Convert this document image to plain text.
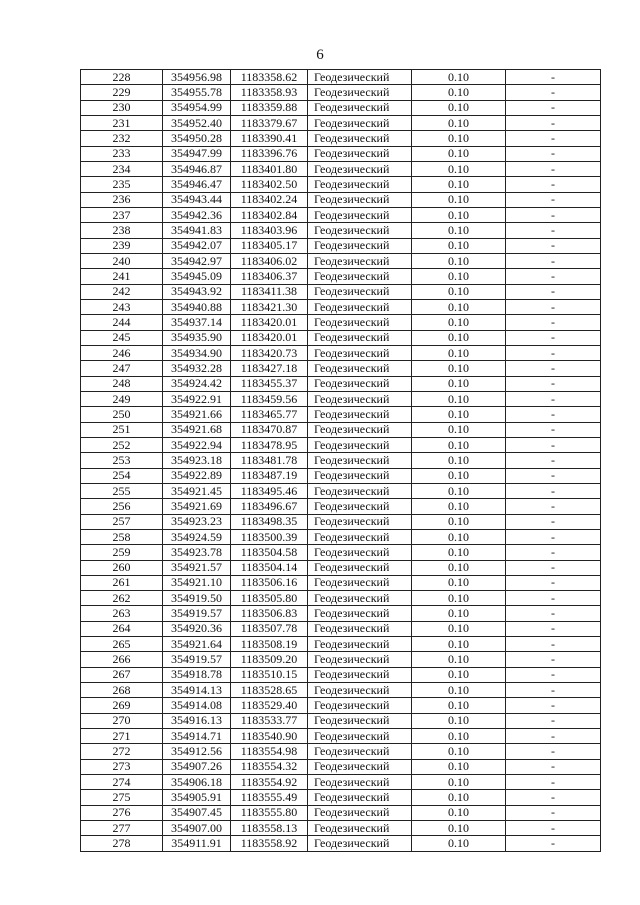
6
228	354956.98	1183358.62	Геодезический	0.10	-
229	354955.78	1183358.93	Геодезический	0.10	-
230	354954.99	1183359.88	Геодезический	0.10	-
231	354952.40	1183379.67	Геодезический	0.10	-
232	354950.28	1183390.41	Геодезический	0.10	-
233	354947.99	1183396.76	Геодезический	0.10	-
234	354946.87	1183401.80	Геодезический	0.10	-
235	354946.47	1183402.50	Геодезический	0.10	-
236	354943.44	1183402.24	Геодезический	0.10	-
237	354942.36	1183402.84	Геодезический	0.10	-
238	354941.83	1183403.96	Геодезический	0.10	-
239	354942.07	1183405.17	Геодезический	0.10	-
240	354942.97	1183406.02	Геодезический	0.10	-
241	354945.09	1183406.37	Геодезический	0.10	-
242	354943.92	1183411.38	Геодезический	0.10	-
243	354940.88	1183421.30	Геодезический	0.10	-
244	354937.14	1183420.01	Геодезический	0.10	-
245	354935.90	1183420.01	Геодезический	0.10	-
246	354934.90	1183420.73	Геодезический	0.10	-
247	354932.28	1183427.18	Геодезический	0.10	-
248	354924.42	1183455.37	Геодезический	0.10	-
249	354922.91	1183459.56	Геодезический	0.10	-
250	354921.66	1183465.77	Геодезический	0.10	-
251	354921.68	1183470.87	Геодезический	0.10	-
252	354922.94	1183478.95	Геодезический	0.10	-
253	354923.18	1183481.78	Геодезический	0.10	-
254	354922.89	1183487.19	Геодезический	0.10	-
255	354921.45	1183495.46	Геодезический	0.10	-
256	354921.69	1183496.67	Геодезический	0.10	-
257	354923.23	1183498.35	Геодезический	0.10	-
258	354924.59	1183500.39	Геодезический	0.10	-
259	354923.78	1183504.58	Геодезический	0.10	-
260	354921.57	1183504.14	Геодезический	0.10	-
261	354921.10	1183506.16	Геодезический	0.10	-
262	354919.50	1183505.80	Геодезический	0.10	-
263	354919.57	1183506.83	Геодезический	0.10	-
264	354920.36	1183507.78	Геодезический	0.10	-
265	354921.64	1183508.19	Геодезический	0.10	-
266	354919.57	1183509.20	Геодезический	0.10	-
267	354918.78	1183510.15	Геодезический	0.10	-
268	354914.13	1183528.65	Геодезический	0.10	-
269	354914.08	1183529.40	Геодезический	0.10	-
270	354916.13	1183533.77	Геодезический	0.10	-
271	354914.71	1183540.90	Геодезический	0.10	-
272	354912.56	1183554.98	Геодезический	0.10	-
273	354907.26	1183554.32	Геодезический	0.10	-
274	354906.18	1183554.92	Геодезический	0.10	-
275	354905.91	1183555.49	Геодезический	0.10	-
276	354907.45	1183555.80	Геодезический	0.10	-
277	354907.00	1183558.13	Геодезический	0.10	-
278	354911.91	1183558.92	Геодезический	0.10	-
